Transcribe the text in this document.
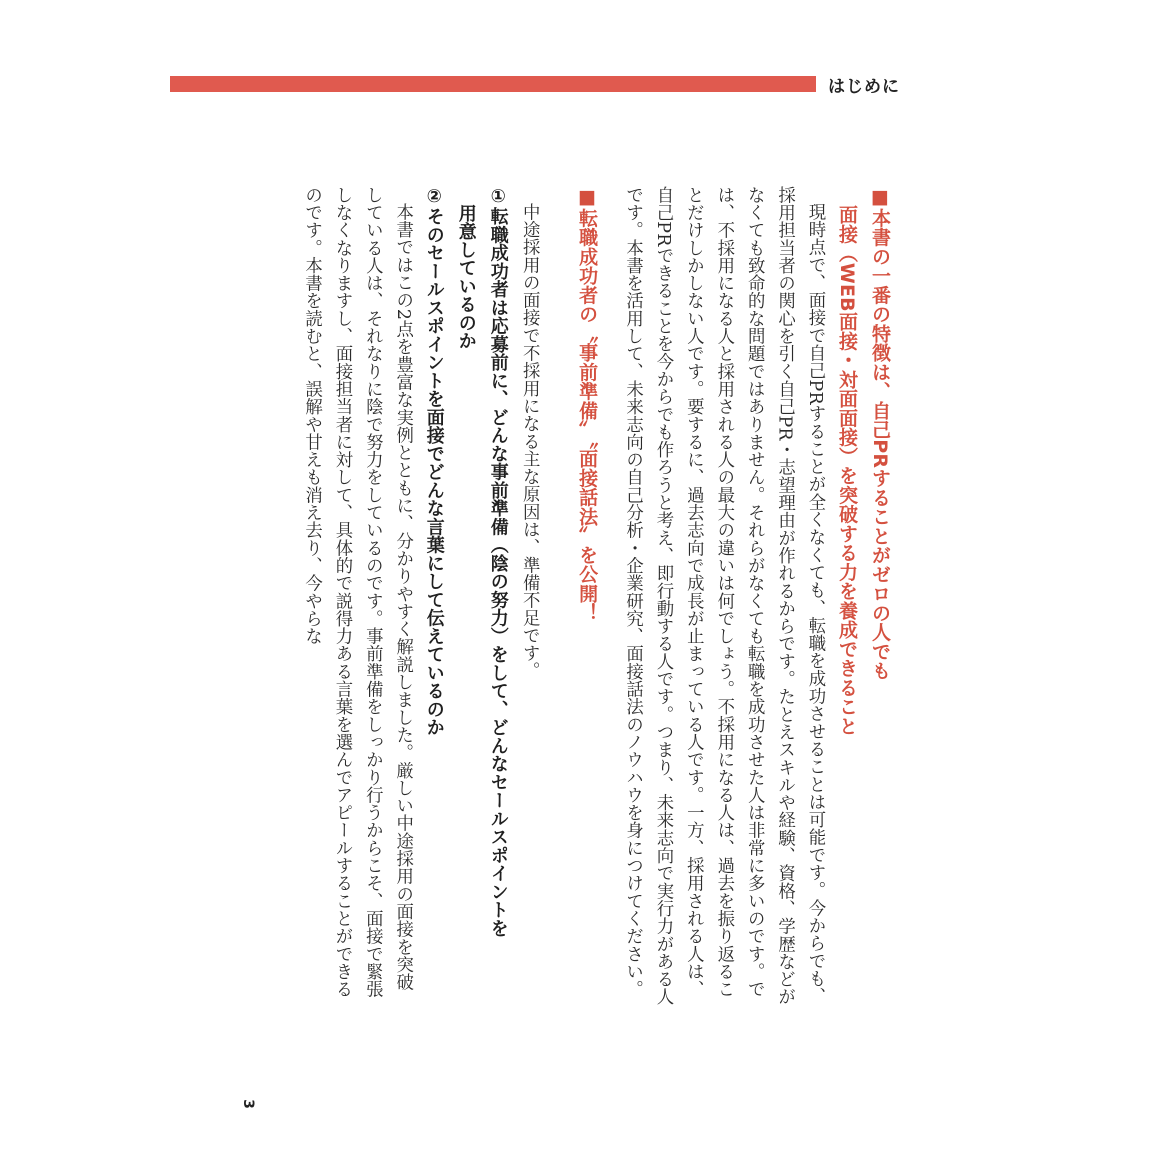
はじめに

■本書の一番の特徴は、自己PRすることがゼロの人でも

面接（WEB面接・対面面接）を突破する力を養成できること

現時点で、面接で自己PRすることが全くなくても、転職を成功させることは可能です。今からでも、採用担当者の関心を引く自己PR・志望理由が作れるからです。たとえスキルや経験、資格、学歴などがなくても致命的な問題ではありません。それらがなくても転職を成功させた人は非常に多いのです。では、不採用になる人と採用される人の最大の違いは何でしょう。不採用になる人は、過去を振り返ることだけしかしない人です。要するに、過去志向で成長が止まっている人です。一方、採用される人は、自己PRできることを今からでも作ろうと考え、即行動する人です。つまり、未来志向で実行力がある人です。本書を活用して、未来志向の自己分析・企業研究、面接話法のノウハウを身につけてください。

■転職成功者の〝事前準備〟〝面接話法〟を公開！

中途採用の面接で不採用になる主な原因は、準備不足です。

①転職成功者は応募前に、どんな事前準備（陰の努力）をして、どんなセールスポイントを

用意しているのか

②そのセールスポイントを面接でどんな言葉にして伝えているのか

本書ではこの2点を豊富な実例とともに、分かりやすく解説しました。厳しい中途採用の面接を突破している人は、それなりに陰で努力をしているのです。事前準備をしっかり行うからこそ、面接で緊張しなくなりますし、面接担当者に対して、具体的で説得力ある言葉を選んでアピールすることができるのです。本書を読むと、誤解や甘えも消え去り、今やらな

3
